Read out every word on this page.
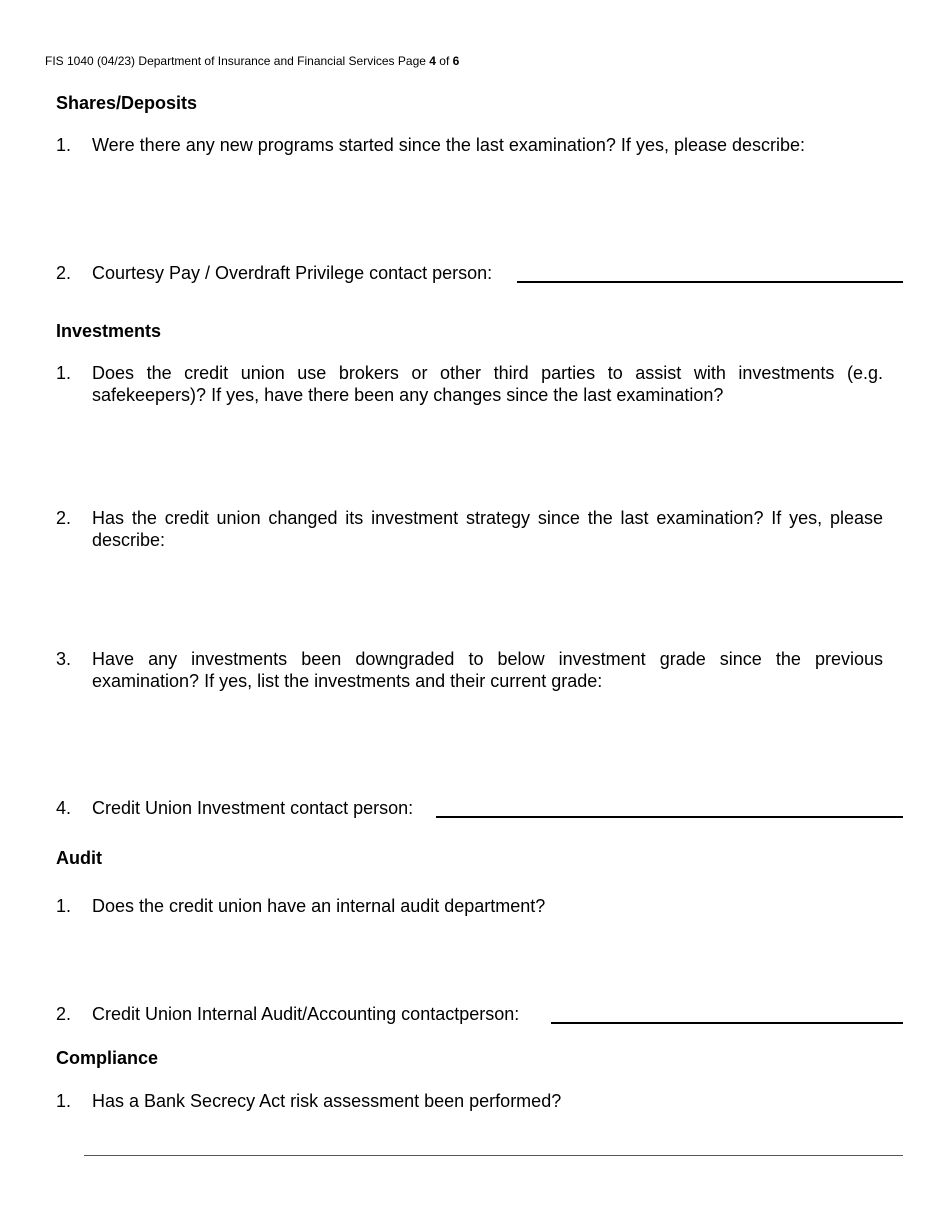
FIS 1040 (04/23) Department of Insurance and Financial Services Page 4 of 6
Shares/Deposits
1. Were there any new programs started since the last examination? If yes, please describe:
2. Courtesy Pay / Overdraft Privilege contact person:
Investments
1. Does the credit union use brokers or other third parties to assist with investments (e.g. safekeepers)? If yes, have there been any changes since the last examination?
2. Has the credit union changed its investment strategy since the last examination? If yes, please describe:
3. Have any investments been downgraded to below investment grade since the previous examination? If yes, list the investments and their current grade:
4. Credit Union Investment contact person:
Audit
1. Does the credit union have an internal audit department?
2. Credit Union Internal Audit/Accounting contactperson:
Compliance
1. Has a Bank Secrecy Act risk assessment been performed?
